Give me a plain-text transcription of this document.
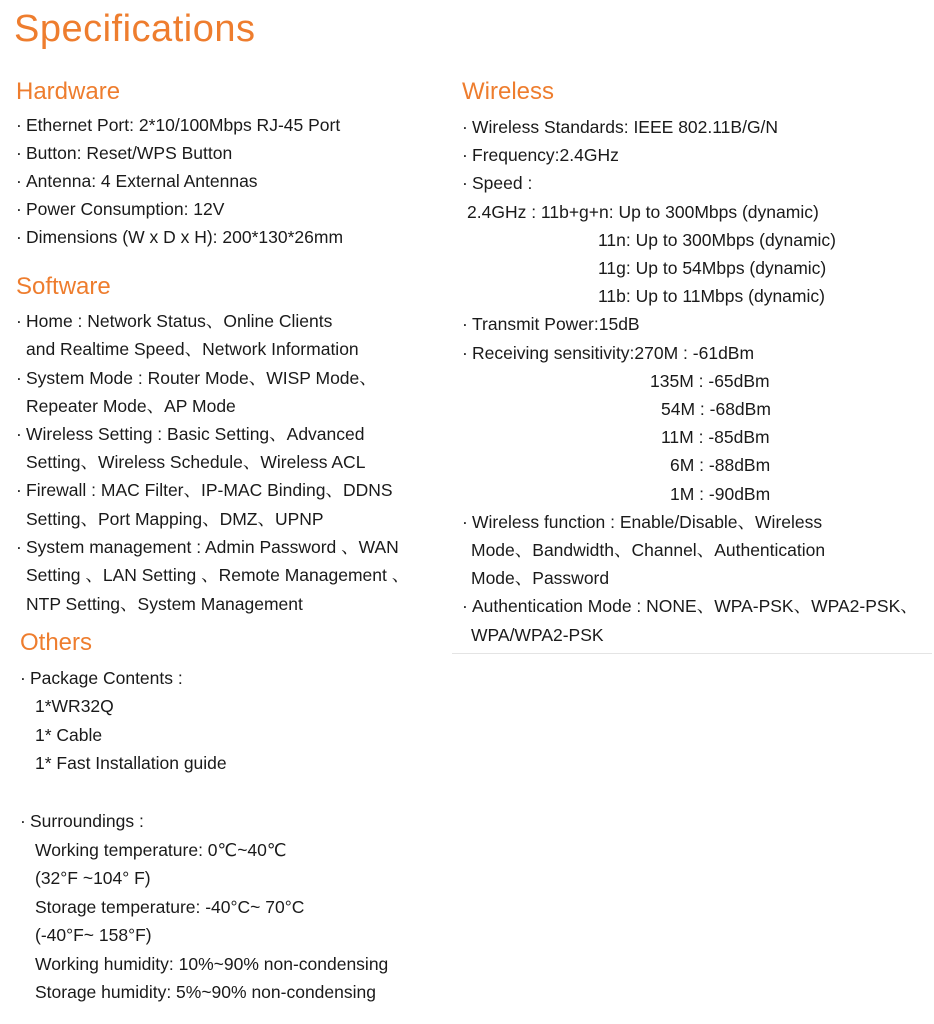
Specifications
Hardware
· Ethernet Port: 2*10/100Mbps RJ-45 Port
· Button: Reset/WPS Button
· Antenna: 4 External Antennas
· Power Consumption: 12V
· Dimensions (W x D x H): 200*130*26mm
Software
· Home : Network Status、Online Clients
and Realtime Speed、Network Information
· System Mode : Router Mode、WISP Mode、
Repeater Mode、AP Mode
· Wireless Setting : Basic Setting、Advanced
Setting、Wireless Schedule、Wireless ACL
· Firewall : MAC Filter、IP-MAC Binding、DDNS
Setting、Port Mapping、DMZ、UPNP
· System management : Admin Password 、WAN
Setting 、LAN Setting 、Remote Management 、
NTP Setting、System Management
Others
· Package Contents :
1*WR32Q
1* Cable
1* Fast Installation guide
· Surroundings :
Working temperature: 0℃~40℃
(32°F ~104° F)
Storage temperature: -40°C~ 70°C
(-40°F~ 158°F)
Working humidity: 10%~90% non-condensing
Storage humidity: 5%~90% non-condensing
Wireless
· Wireless Standards: IEEE 802.11B/G/N
· Frequency:2.4GHz
· Speed :
2.4GHz : 11b+g+n: Up to 300Mbps (dynamic)
11n: Up to 300Mbps (dynamic)
11g: Up to 54Mbps (dynamic)
11b: Up to 11Mbps (dynamic)
· Transmit Power:15dB
· Receiving sensitivity:270M : -61dBm
135M : -65dBm
54M : -68dBm
11M : -85dBm
6M : -88dBm
1M : -90dBm
· Wireless function : Enable/Disable、Wireless
Mode、Bandwidth、Channel、Authentication
Mode、Password
· Authentication Mode : NONE、WPA-PSK、WPA2-PSK、
WPA/WPA2-PSK
